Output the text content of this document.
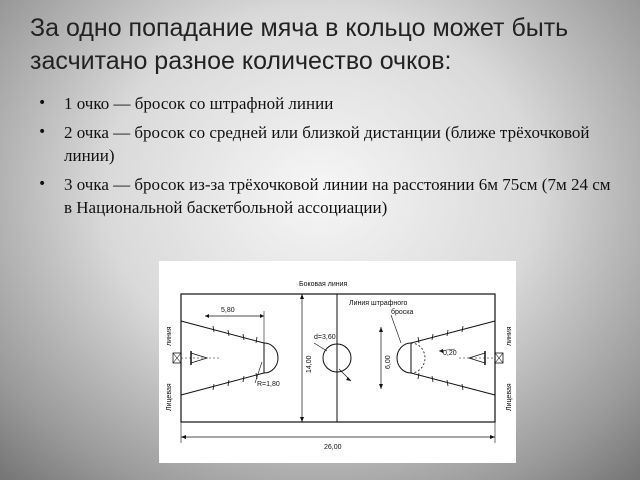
За одно попадание мяча в кольцо может быть засчитано разное количество очков:
• 1 очко — бросок со штрафной линии
• 2 очка — бросок со средней или близкой дистанции (ближе трёхочковой линии)
• 3 очка — бросок из-за трёхочковой линии на расстоянии 6м 75см (7м 24 см в Национальной баскетбольной ассоциации)
Боковая линия
Линия штрафного
броска
5,80
d=3,60
0,20
R=1,80
26,00
14,00	6,00
линия
Лицевая
линия
Лицевая
